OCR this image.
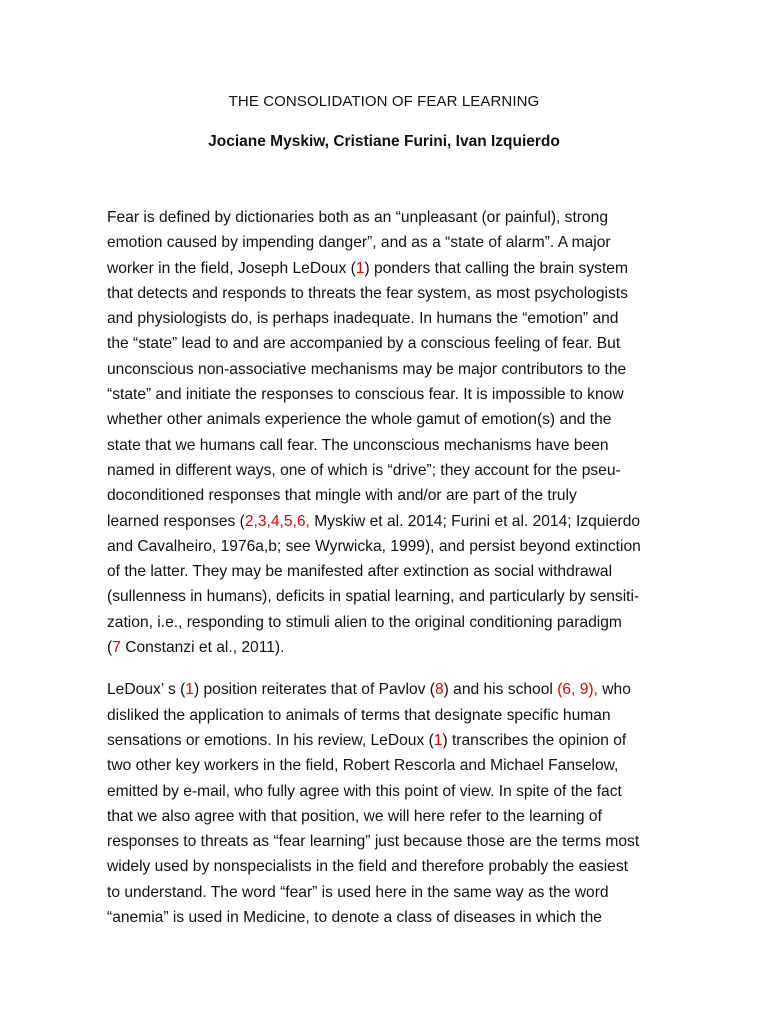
THE CONSOLIDATION OF FEAR LEARNING
Jociane Myskiw, Cristiane Furini, Ivan Izquierdo

Fear is defined by dictionaries both as an “unpleasant (or painful), strong
emotion caused by impending danger”, and as a “state of alarm”. A major
worker in the field, Joseph LeDoux (1) ponders that calling the brain system
that detects and responds to threats the fear system, as most psychologists
and physiologists do, is perhaps inadequate. In humans the “emotion” and
the “state” lead to and are accompanied by a conscious feeling of fear. But
unconscious non-associative mechanisms may be major contributors to the
“state” and initiate the responses to conscious fear. It is impossible to know
whether other animals experience the whole gamut of emotion(s) and the
state that we humans call fear. The unconscious mechanisms have been
named in different ways, one of which is “drive”; they account for the pseu-
doconditioned responses that mingle with and/or are part of the truly
learned responses (2,3,4,5,6, Myskiw et al. 2014; Furini et al. 2014; Izquierdo
and Cavalheiro, 1976a,b; see Wyrwicka, 1999), and persist beyond extinction
of the latter. They may be manifested after extinction as social withdrawal
(sullenness in humans), deficits in spatial learning, and particularly by sensiti-
zation, i.e., responding to stimuli alien to the original conditioning paradigm
(7 Constanzi et al., 2011).

LeDoux’ s (1) position reiterates that of Pavlov (8) and his school (6, 9), who
disliked the application to animals of terms that designate specific human
sensations or emotions. In his review, LeDoux (1) transcribes the opinion of
two other key workers in the field, Robert Rescorla and Michael Fanselow,
emitted by e-mail, who fully agree with this point of view. In spite of the fact
that we also agree with that position, we will here refer to the learning of
responses to threats as “fear learning” just because those are the terms most
widely used by nonspecialists in the field and therefore probably the easiest
to understand. The word “fear” is used here in the same way as the word
“anemia” is used in Medicine, to denote a class of diseases in which the
